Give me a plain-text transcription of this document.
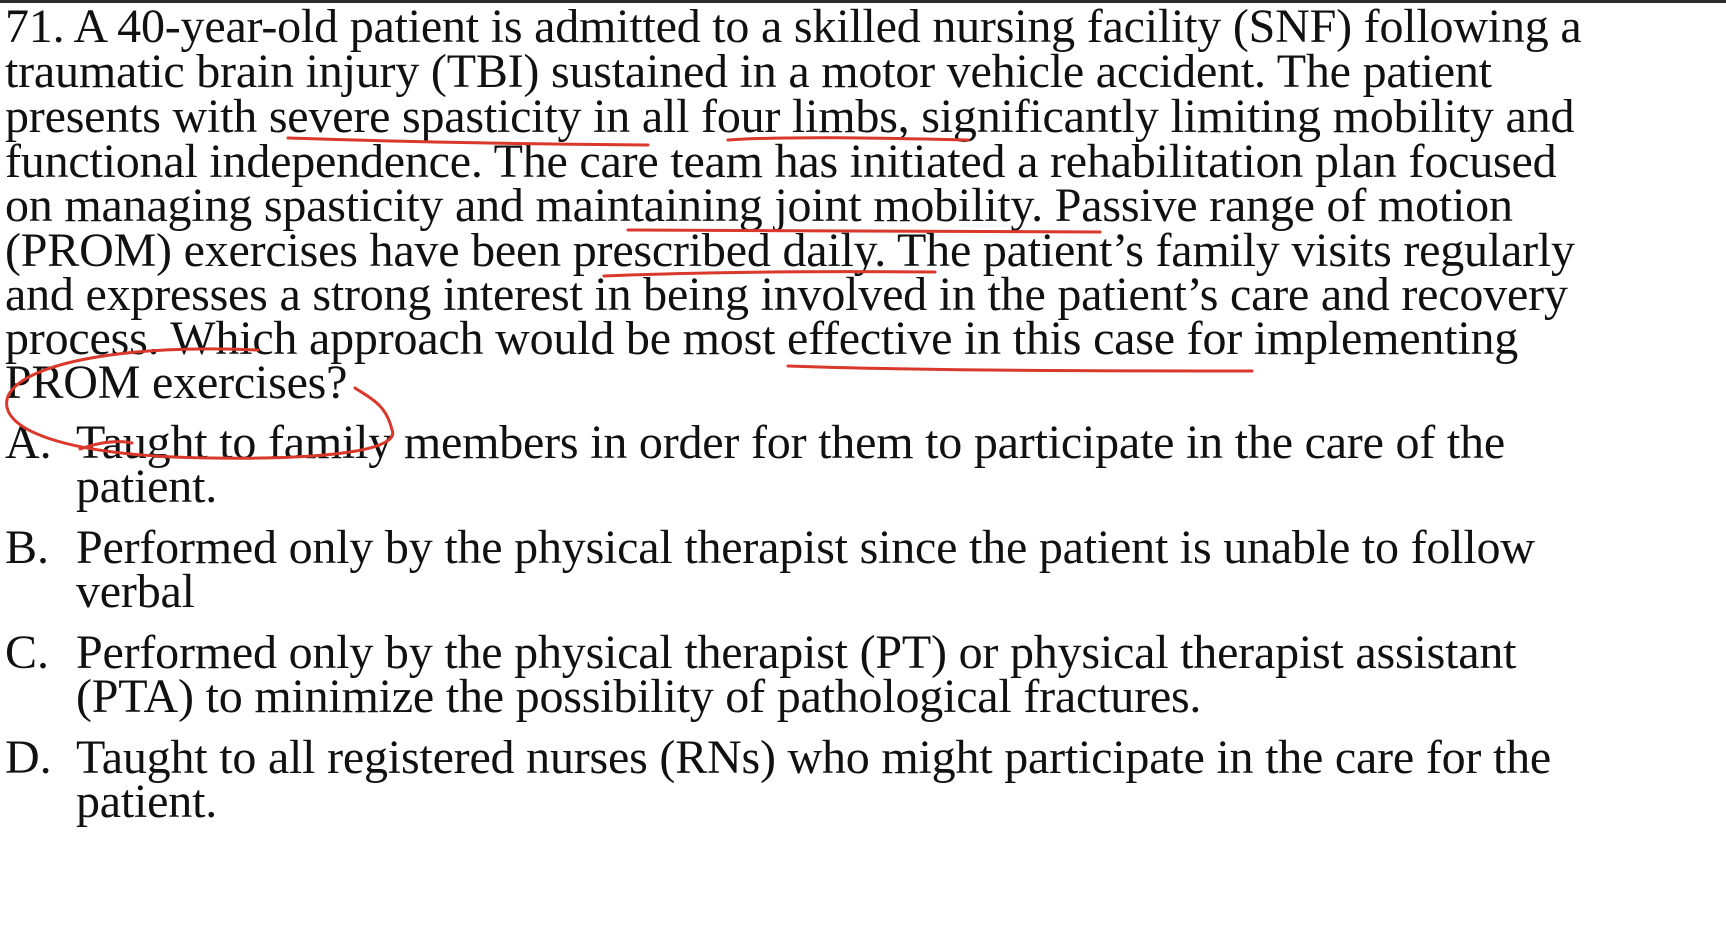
71. A 40-year-old patient is admitted to a skilled nursing facility (SNF) following a
traumatic brain injury (TBI) sustained in a motor vehicle accident. The patient
presents with severe spasticity in all four limbs, significantly limiting mobility and
functional independence. The care team has initiated a rehabilitation plan focused
on managing spasticity and maintaining joint mobility. Passive range of motion
(PROM) exercises have been prescribed daily. The patient’s family visits regularly
and expresses a strong interest in being involved in the patient’s care and recovery
process. Which approach would be most effective in this case for implementing
PROM exercises?
A. Taught to family members in order for them to participate in the care of the
patient.
B. Performed only by the physical therapist since the patient is unable to follow
verbal
C. Performed only by the physical therapist (PT) or physical therapist assistant
(PTA) to minimize the possibility of pathological fractures.
D. Taught to all registered nurses (RNs) who might participate in the care for the
patient.
